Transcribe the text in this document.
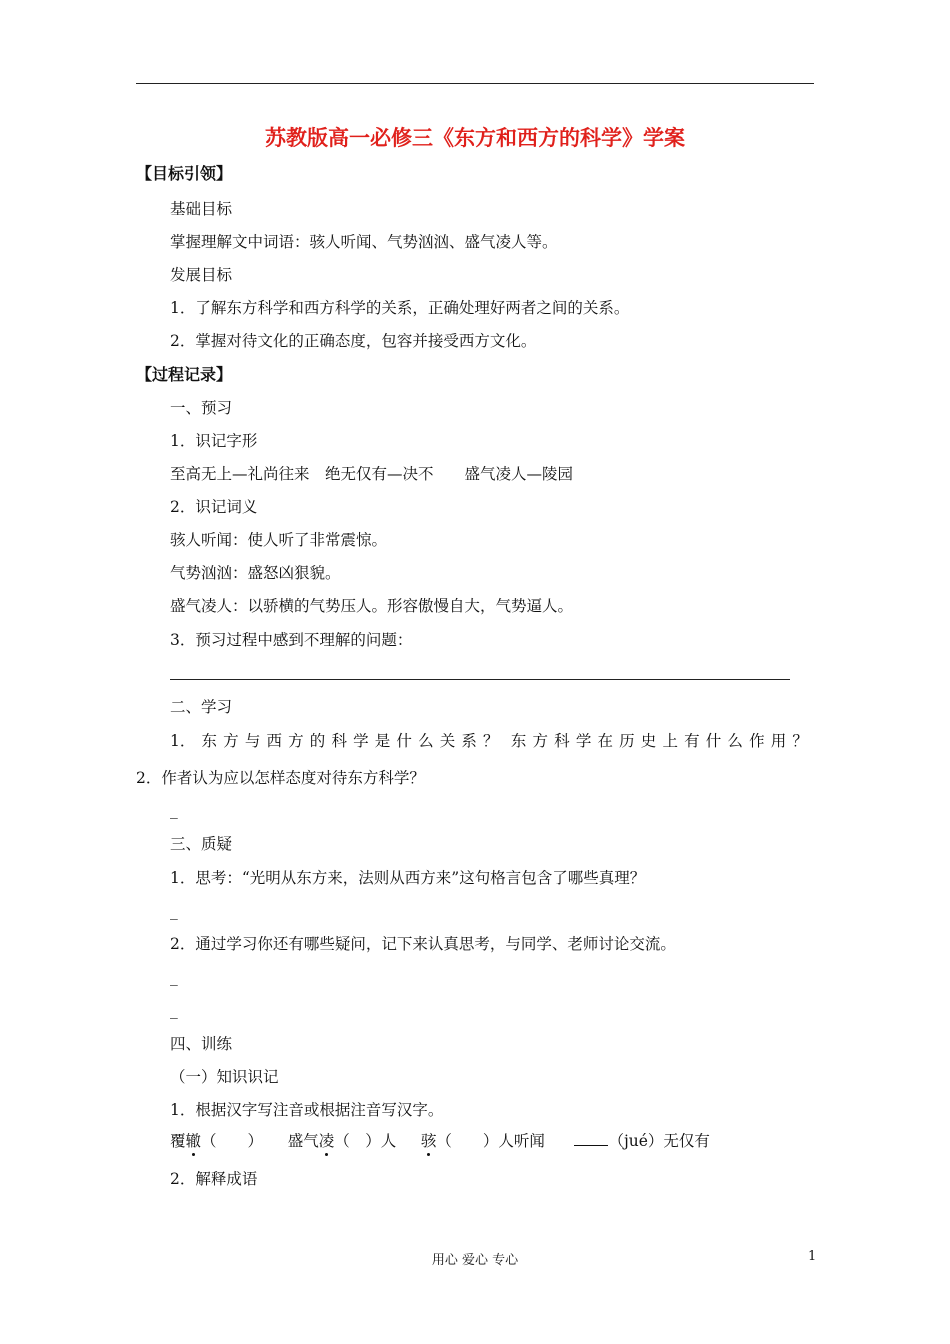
苏教版高一必修三《东方和西方的科学》学案
【目标引领】
基础目标
掌握理解文中词语：骇人听闻、气势汹汹、盛气凌人等。
发展目标
1．了解东方科学和西方科学的关系，正确处理好两者之间的关系。
2．掌握对待文化的正确态度，包容并接受西方文化。
【过程记录】
一、预习
1．识记字形
至高无上—礼尚往来　绝无仅有—决不　　盛气凌人—陵园
2．识记词义
骇人听闻：使人听了非常震惊。
气势汹汹：盛怒凶狠貌。
盛气凌人：以骄横的气势压人。形容傲慢自大，气势逼人。
3．预习过程中感到不理解的问题：
二、学习
1． 东 方 与 西 方 的 科 学 是 什 么 关 系 ？ 东 方 科 学 在 历 史 上 有 什 么 作 用 ？
2．作者认为应以怎样态度对待东方科学？
_
三、质疑
1．思考：“光明从东方来，法则从西方来”这句格言包含了哪些真理？
_
2．通过学习你还有哪些疑问，记下来认真思考，与同学、老师讨论交流。
_
_
四、训练
（一）知识识记
1．根据汉字写注音或根据注音写汉字。
覆辙（　　） 盛气凌（　）人 骇（　　）人听闻	（jué）无仅有
2．解释成语
用心 爱心 专心	1
